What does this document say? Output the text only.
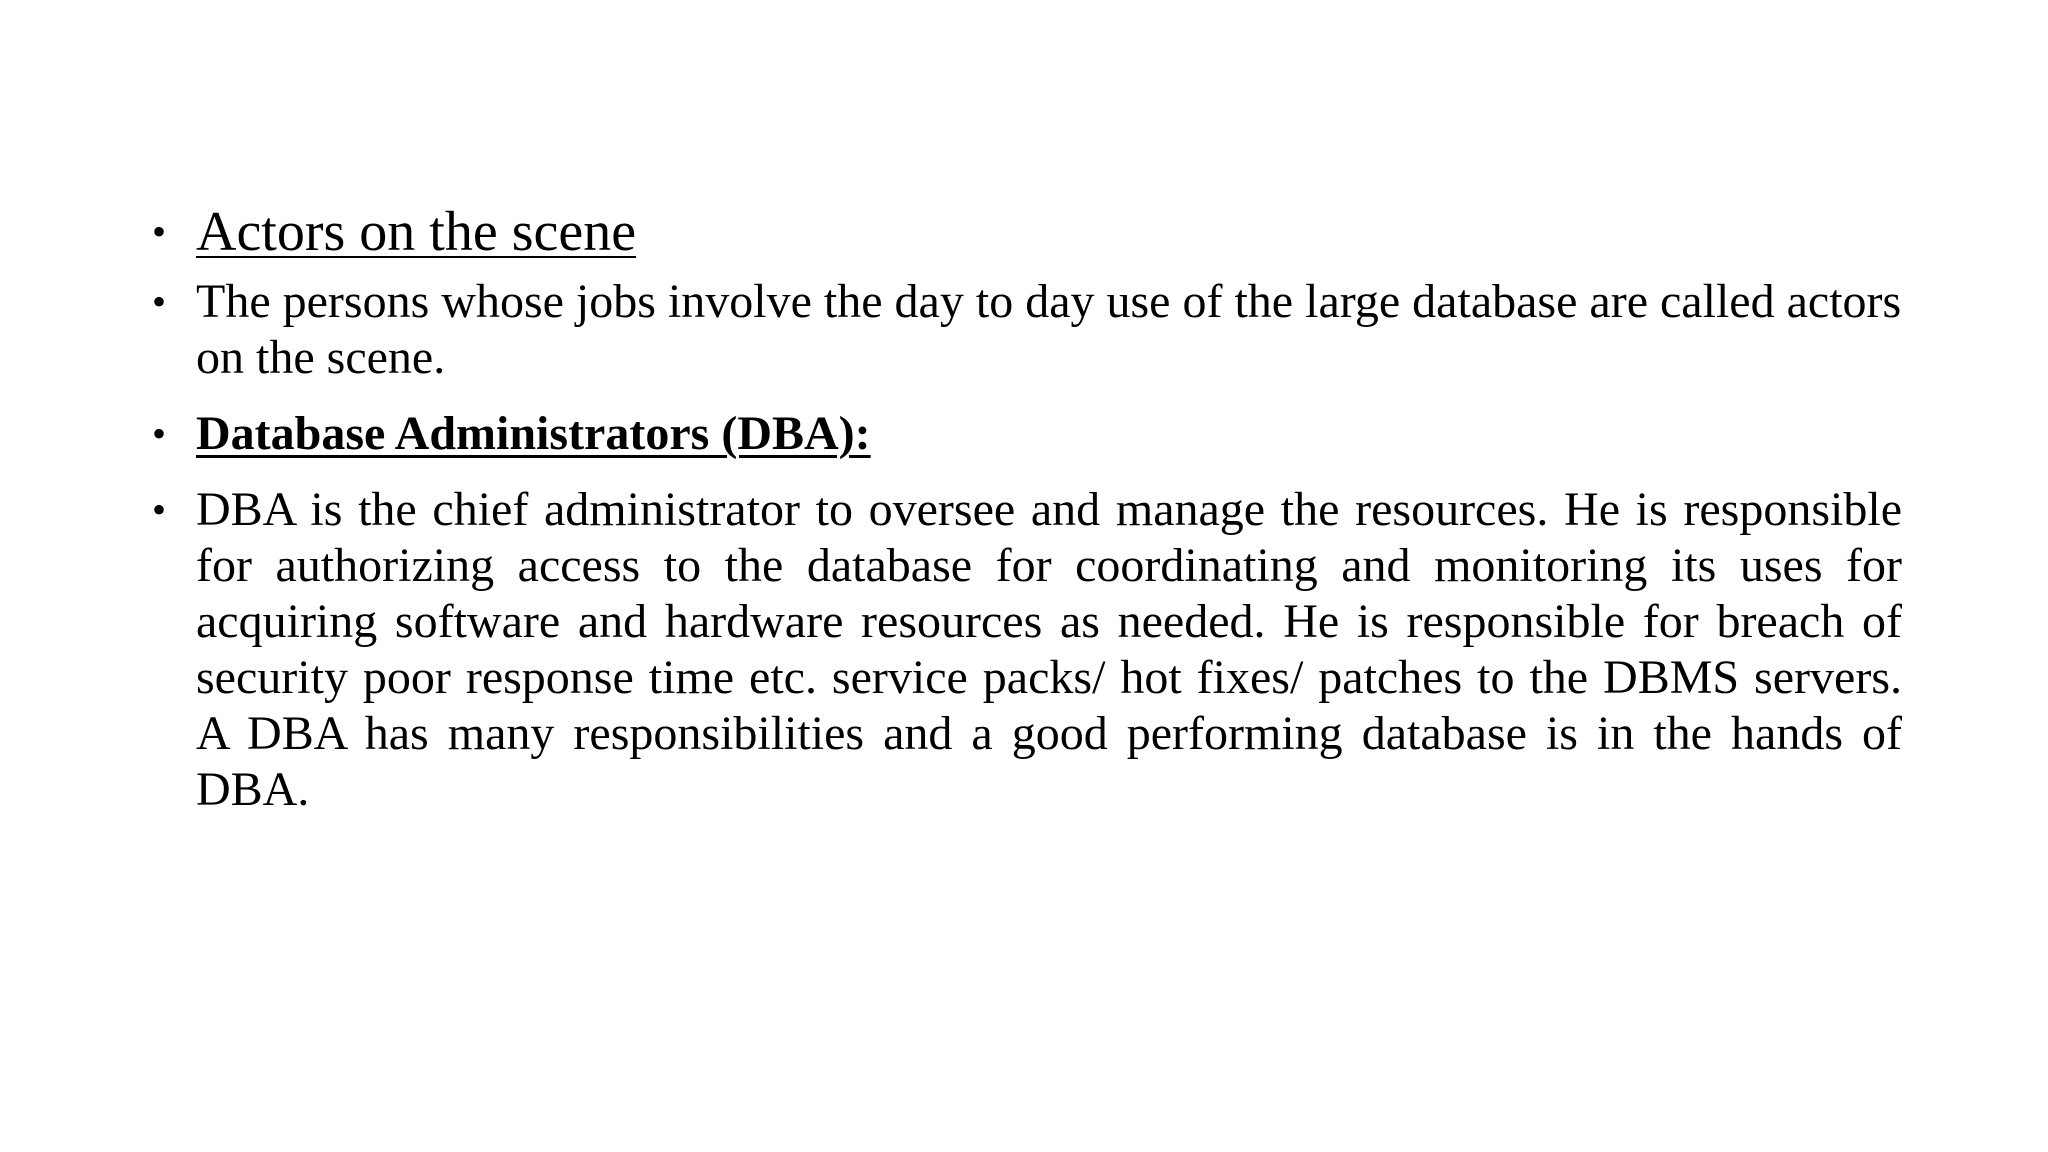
• Actors on the scene
• The persons whose jobs involve the day to day use of the large database are called actors on the scene.
• Database Administrators (DBA):
• DBA is the chief administrator to oversee and manage the resources. He is responsible for authorizing access to the database for coordinating and monitoring its uses for acquiring software and hardware resources as needed. He is responsible for breach of security poor response time etc. service packs/ hot fixes/ patches to the DBMS servers. A DBA has many responsibilities and a good performing database is in the hands of DBA.
